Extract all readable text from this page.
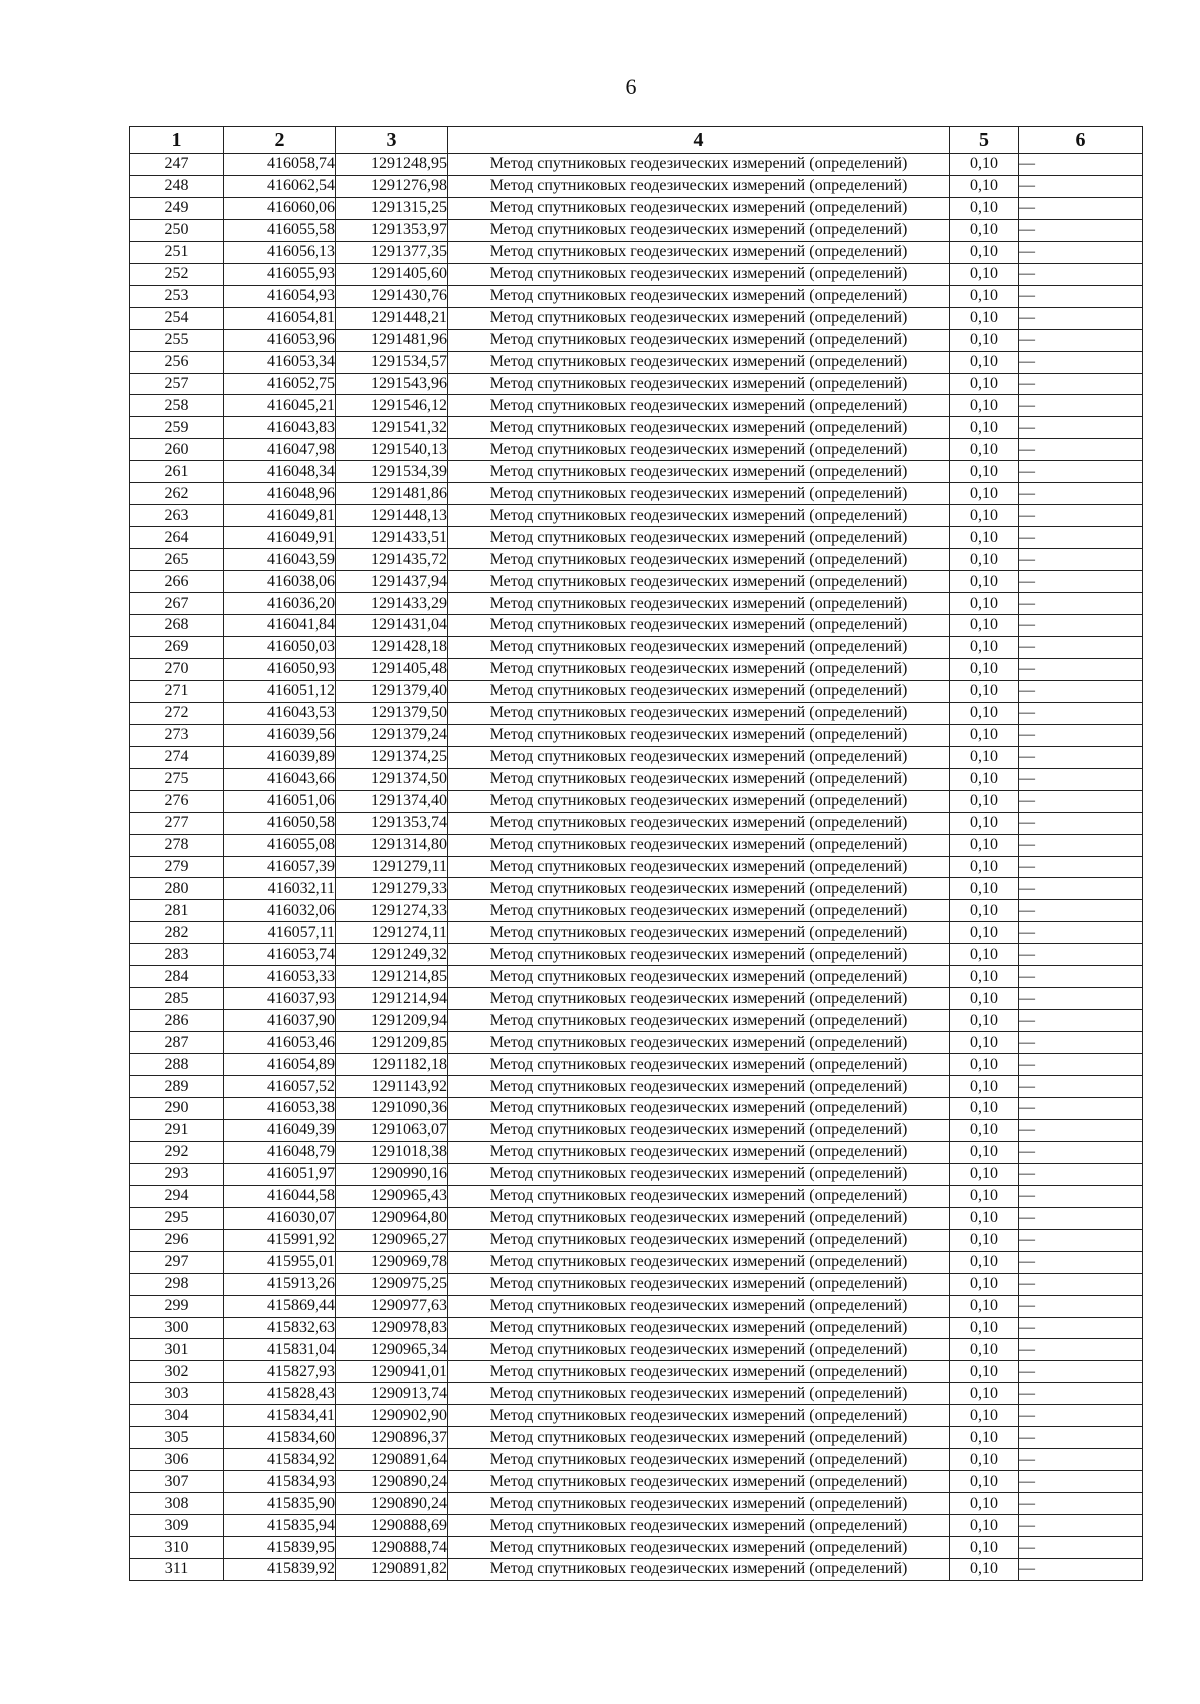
6
1	2	3	4	5	6
247	416058,74	1291248,95	Метод спутниковых геодезических измерений (определений)	0,10	—
248	416062,54	1291276,98	Метод спутниковых геодезических измерений (определений)	0,10	—
249	416060,06	1291315,25	Метод спутниковых геодезических измерений (определений)	0,10	—
250	416055,58	1291353,97	Метод спутниковых геодезических измерений (определений)	0,10	—
251	416056,13	1291377,35	Метод спутниковых геодезических измерений (определений)	0,10	—
252	416055,93	1291405,60	Метод спутниковых геодезических измерений (определений)	0,10	—
253	416054,93	1291430,76	Метод спутниковых геодезических измерений (определений)	0,10	—
254	416054,81	1291448,21	Метод спутниковых геодезических измерений (определений)	0,10	—
255	416053,96	1291481,96	Метод спутниковых геодезических измерений (определений)	0,10	—
256	416053,34	1291534,57	Метод спутниковых геодезических измерений (определений)	0,10	—
257	416052,75	1291543,96	Метод спутниковых геодезических измерений (определений)	0,10	—
258	416045,21	1291546,12	Метод спутниковых геодезических измерений (определений)	0,10	—
259	416043,83	1291541,32	Метод спутниковых геодезических измерений (определений)	0,10	—
260	416047,98	1291540,13	Метод спутниковых геодезических измерений (определений)	0,10	—
261	416048,34	1291534,39	Метод спутниковых геодезических измерений (определений)	0,10	—
262	416048,96	1291481,86	Метод спутниковых геодезических измерений (определений)	0,10	—
263	416049,81	1291448,13	Метод спутниковых геодезических измерений (определений)	0,10	—
264	416049,91	1291433,51	Метод спутниковых геодезических измерений (определений)	0,10	—
265	416043,59	1291435,72	Метод спутниковых геодезических измерений (определений)	0,10	—
266	416038,06	1291437,94	Метод спутниковых геодезических измерений (определений)	0,10	—
267	416036,20	1291433,29	Метод спутниковых геодезических измерений (определений)	0,10	—
268	416041,84	1291431,04	Метод спутниковых геодезических измерений (определений)	0,10	—
269	416050,03	1291428,18	Метод спутниковых геодезических измерений (определений)	0,10	—
270	416050,93	1291405,48	Метод спутниковых геодезических измерений (определений)	0,10	—
271	416051,12	1291379,40	Метод спутниковых геодезических измерений (определений)	0,10	—
272	416043,53	1291379,50	Метод спутниковых геодезических измерений (определений)	0,10	—
273	416039,56	1291379,24	Метод спутниковых геодезических измерений (определений)	0,10	—
274	416039,89	1291374,25	Метод спутниковых геодезических измерений (определений)	0,10	—
275	416043,66	1291374,50	Метод спутниковых геодезических измерений (определений)	0,10	—
276	416051,06	1291374,40	Метод спутниковых геодезических измерений (определений)	0,10	—
277	416050,58	1291353,74	Метод спутниковых геодезических измерений (определений)	0,10	—
278	416055,08	1291314,80	Метод спутниковых геодезических измерений (определений)	0,10	—
279	416057,39	1291279,11	Метод спутниковых геодезических измерений (определений)	0,10	—
280	416032,11	1291279,33	Метод спутниковых геодезических измерений (определений)	0,10	—
281	416032,06	1291274,33	Метод спутниковых геодезических измерений (определений)	0,10	—
282	416057,11	1291274,11	Метод спутниковых геодезических измерений (определений)	0,10	—
283	416053,74	1291249,32	Метод спутниковых геодезических измерений (определений)	0,10	—
284	416053,33	1291214,85	Метод спутниковых геодезических измерений (определений)	0,10	—
285	416037,93	1291214,94	Метод спутниковых геодезических измерений (определений)	0,10	—
286	416037,90	1291209,94	Метод спутниковых геодезических измерений (определений)	0,10	—
287	416053,46	1291209,85	Метод спутниковых геодезических измерений (определений)	0,10	—
288	416054,89	1291182,18	Метод спутниковых геодезических измерений (определений)	0,10	—
289	416057,52	1291143,92	Метод спутниковых геодезических измерений (определений)	0,10	—
290	416053,38	1291090,36	Метод спутниковых геодезических измерений (определений)	0,10	—
291	416049,39	1291063,07	Метод спутниковых геодезических измерений (определений)	0,10	—
292	416048,79	1291018,38	Метод спутниковых геодезических измерений (определений)	0,10	—
293	416051,97	1290990,16	Метод спутниковых геодезических измерений (определений)	0,10	—
294	416044,58	1290965,43	Метод спутниковых геодезических измерений (определений)	0,10	—
295	416030,07	1290964,80	Метод спутниковых геодезических измерений (определений)	0,10	—
296	415991,92	1290965,27	Метод спутниковых геодезических измерений (определений)	0,10	—
297	415955,01	1290969,78	Метод спутниковых геодезических измерений (определений)	0,10	—
298	415913,26	1290975,25	Метод спутниковых геодезических измерений (определений)	0,10	—
299	415869,44	1290977,63	Метод спутниковых геодезических измерений (определений)	0,10	—
300	415832,63	1290978,83	Метод спутниковых геодезических измерений (определений)	0,10	—
301	415831,04	1290965,34	Метод спутниковых геодезических измерений (определений)	0,10	—
302	415827,93	1290941,01	Метод спутниковых геодезических измерений (определений)	0,10	—
303	415828,43	1290913,74	Метод спутниковых геодезических измерений (определений)	0,10	—
304	415834,41	1290902,90	Метод спутниковых геодезических измерений (определений)	0,10	—
305	415834,60	1290896,37	Метод спутниковых геодезических измерений (определений)	0,10	—
306	415834,92	1290891,64	Метод спутниковых геодезических измерений (определений)	0,10	—
307	415834,93	1290890,24	Метод спутниковых геодезических измерений (определений)	0,10	—
308	415835,90	1290890,24	Метод спутниковых геодезических измерений (определений)	0,10	—
309	415835,94	1290888,69	Метод спутниковых геодезических измерений (определений)	0,10	—
310	415839,95	1290888,74	Метод спутниковых геодезических измерений (определений)	0,10	—
311	415839,92	1290891,82	Метод спутниковых геодезических измерений (определений)	0,10	—
